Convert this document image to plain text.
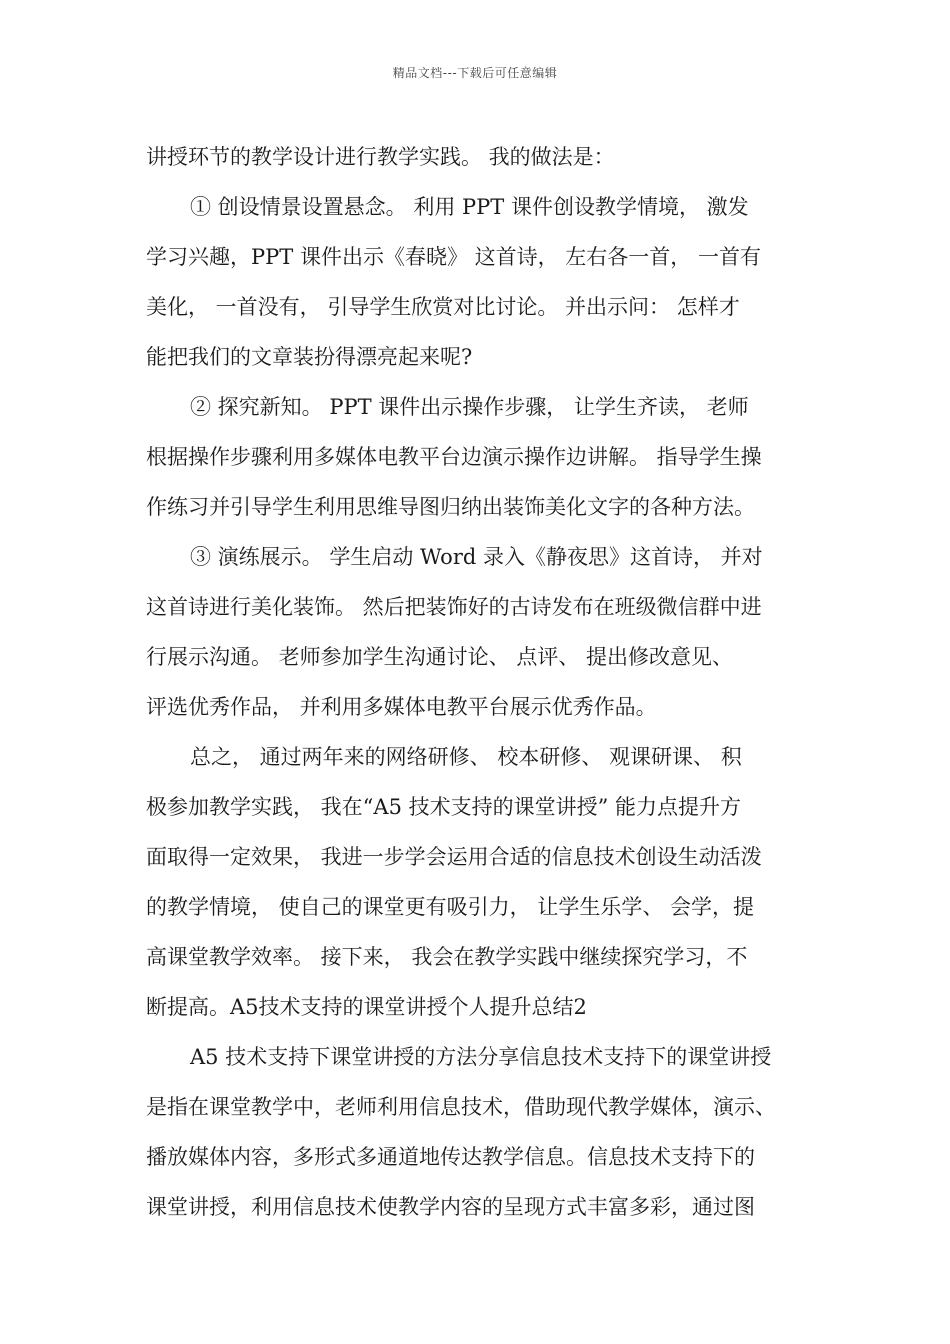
精品文档---下载后可任意编辑
讲授环节的教学设计进行教学实践。 我的做法是：
① 创设情景设置悬念。 利用 PPT 课件创设教学情境， 激发
学习兴趣，PPT 课件出示《春晓》 这首诗， 左右各一首， 一首有
美化， 一首没有， 引导学生欣赏对比讨论。 并出示问： 怎样才
能把我们的文章装扮得漂亮起来呢?
② 探究新知。 PPT 课件出示操作步骤， 让学生齐读， 老师
根据操作步骤利用多媒体电教平台边演示操作边讲解。 指导学生操
作练习并引导学生利用思维导图归纳出装饰美化文字的各种方法。
③ 演练展示。 学生启动 Word 录入《静夜思》这首诗， 并对
这首诗进行美化装饰。 然后把装饰好的古诗发布在班级微信群中进
行展示沟通。 老师参加学生沟通讨论、 点评、 提出修改意见、
评选优秀作品， 并利用多媒体电教平台展示优秀作品。
总之， 通过两年来的网络研修、 校本研修、 观课研课、 积
极参加教学实践， 我在“A5 技术支持的课堂讲授” 能力点提升方
面取得一定效果， 我进一步学会运用合适的信息技术创设生动活泼
的教学情境， 使自己的课堂更有吸引力， 让学生乐学、 会学，提
高课堂教学效率。 接下来， 我会在教学实践中继续探究学习，不
断提高。A5技术支持的课堂讲授个人提升总结2
A5 技术支持下课堂讲授的方法分享信息技术支持下的课堂讲授
是指在课堂教学中，老师利用信息技术，借助现代教学媒体，演示、
播放媒体内容，多形式多通道地传达教学信息。信息技术支持下的
课堂讲授，利用信息技术使教学内容的呈现方式丰富多彩，通过图
